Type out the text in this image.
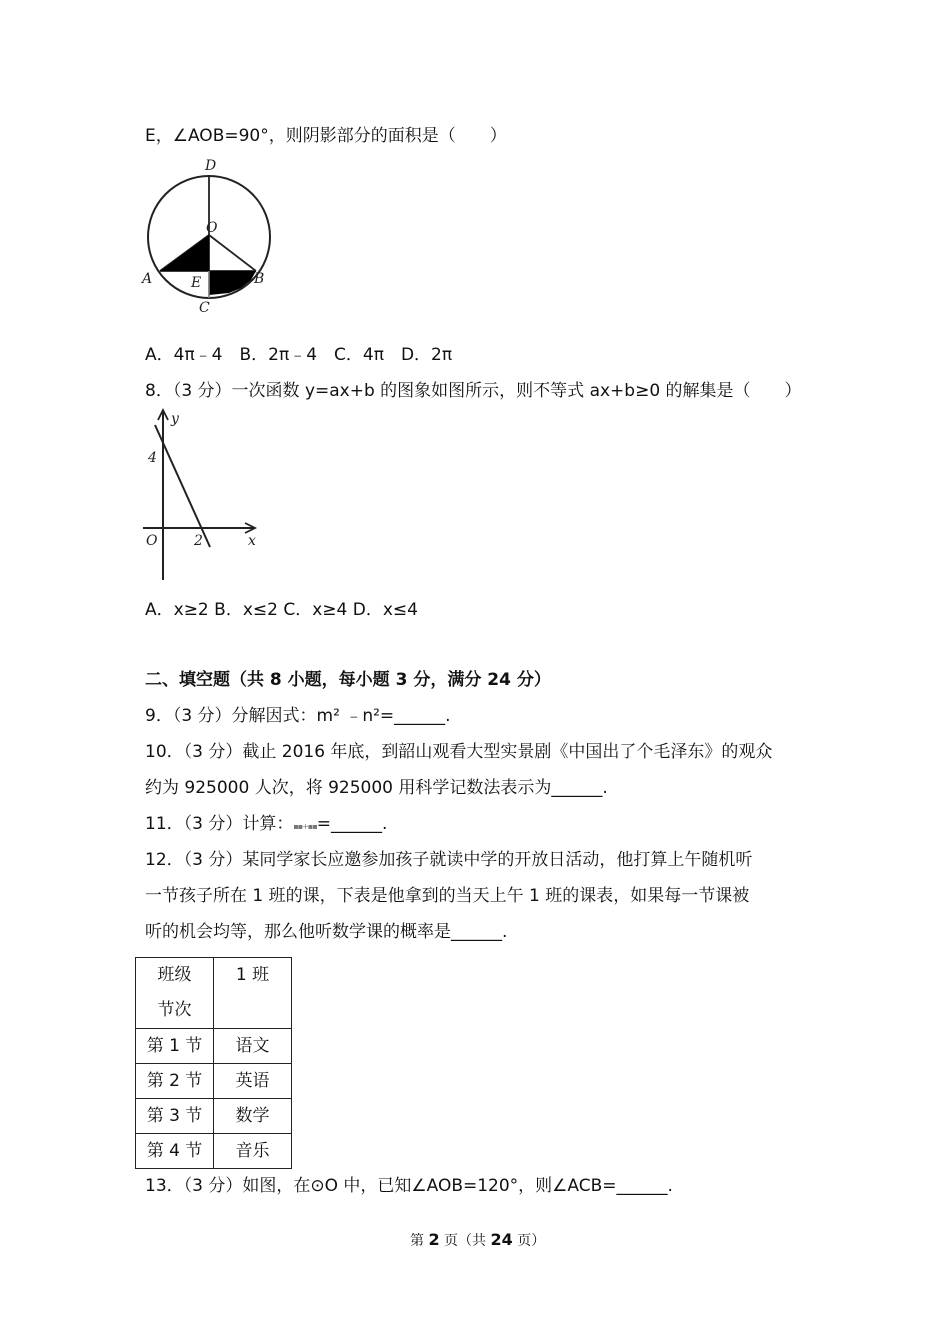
E，∠AOB=90°，则阴影部分的面积是（　　）
D
O
A	E	B
C
A．4π﹣4　B．2π﹣4　C．4π　D．2π
8．（3 分）一次函数 y=ax+b 的图象如图所示，则不等式 ax+b≥0 的解集是（　　）
y
4
O	2	x
A．x≥2 B．x≤2 C．x≥4 D．x≤4
二、填空题（共 8 小题，每小题 3 分，满分 24 分）
9．（3 分）分解因式：m² ﹣n²=______.
10．（3 分）截止 2016 年底，到韶山观看大型实景剧《中国出了个毛泽东》的观众
约为 925000 人次，将 925000 用科学记数法表示为______.
11．（3 分）计算：▪▪+▪▪=______.
12．（3 分）某同学家长应邀参加孩子就读中学的开放日活动，他打算上午随机听
一节孩子所在 1 班的课，下表是他拿到的当天上午 1 班的课表，如果每一节课被
听的机会均等，那么他听数学课的概率是______.
班级
节次	1 班

第 1 节	语文
第 2 节	英语
第 3 节	数学
第 4 节	音乐
13．（3 分）如图，在⊙O 中，已知∠AOB=120°，则∠ACB=______.
第 2 页（共 24 页）
